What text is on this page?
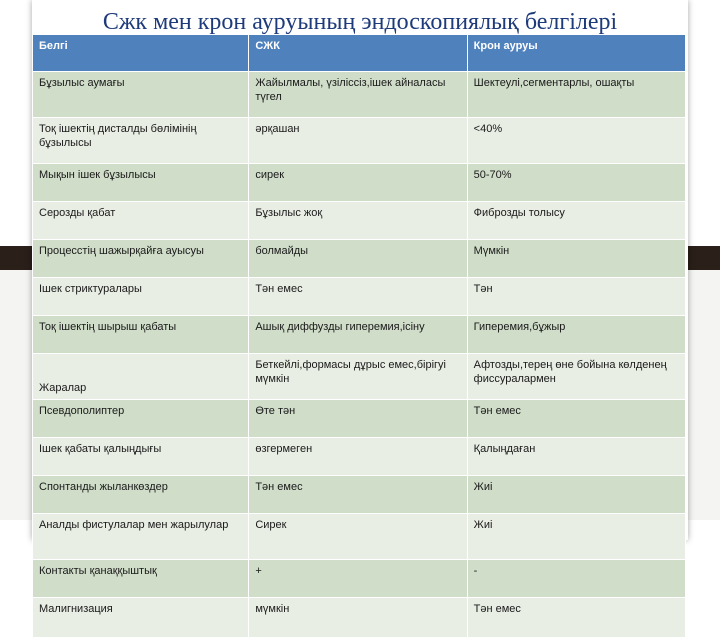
Сжк мен крон ауруының эндоскопиялық белгілері
Белгі	СЖК	Крон ауруы
Бұзылыс аумағы	Жайылмалы, үзіліссіз,ішек айналасы түгел	Шектеулі,сегментарлы, ошақты
Тоқ ішектің дисталды бөлімінің бұзылысы	әрқашан	<40%
Мықын ішек бұзылысы	сирек	50-70%
Серозды қабат	Бұзылыс жоқ	Фиброзды толысу
Процесстің шажырқайға ауысуы	болмайды	Мүмкін
Ішек стриктуралары	Тән емес	Тән
Тоқ ішектің шырыш қабаты	Ашық диффузды гиперемия,ісіну	Гиперемия,бұжыр
Жаралар	Беткейлі,формасы дұрыс емес,бірігуі мүмкін	Афтозды,терең өне бойына көлденең фиссуралармен
Псевдополиптер	Өте тән	Тән емес
Ішек қабаты қалыңдығы	өзгермеген	Қалыңдаған
Спонтанды жыланкөздер	Тән емес	Жиі
Аналды фистулалар мен жарылулар	Сирек	Жиі
Контакты қанаққыштық	+	-
Малигнизация	мүмкін	Тән емес
